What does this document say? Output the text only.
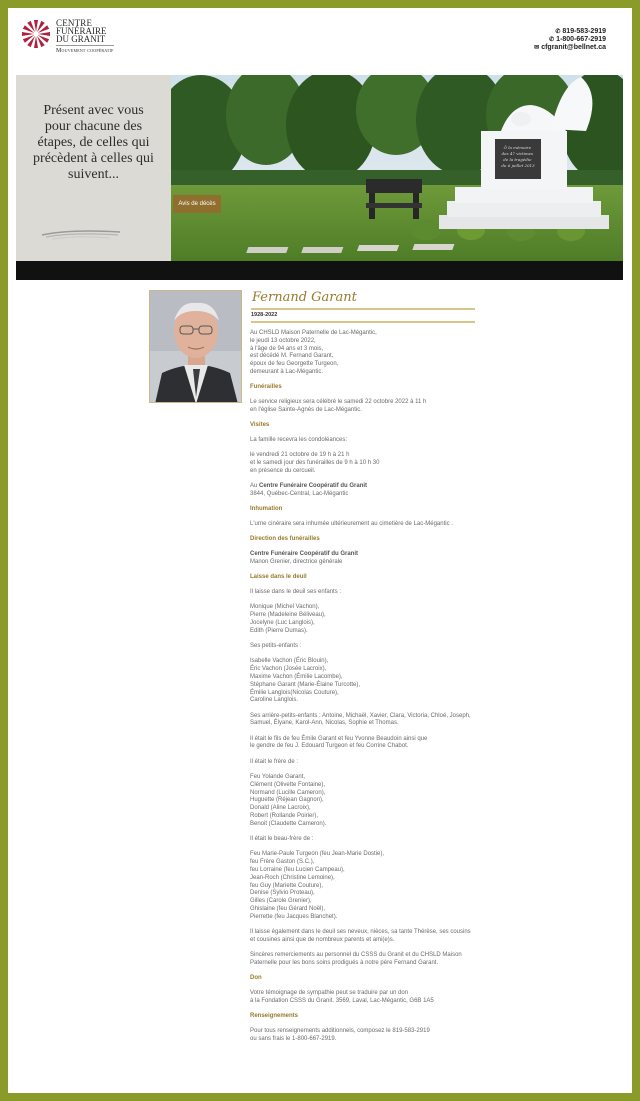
CENTRE
FUNÉRAIRE
DU GRANIT
Mouvement coopératif
✆ 819-583-2919
✆ 1-800-667-2919
✉ cfgranit@bellnet.ca
Présent avec vous pour chacune des étapes, de celles qui précèdent à celles qui suivent...
Ô la mémoire des 47 victimes de la tragédie du 6 juillet 2013
Avis de décès
Fernand Garant
1928-2022

Au CHSLD Maison Paternelle de Lac-Mégantic,
le jeudi 13 octobre 2022,
à l'âge de 94 ans et 3 mois,
est décédé M. Fernand Garant,
époux de feu Georgette Turgeon,
demeurant à Lac-Mégantic.

Funérailles

Le service religieux sera célébré le samedi 22 octobre 2022 à 11 h
en l'église Sainte-Agnès de Lac-Mégantic.

Visites

La famille recevra les condoléances:

le vendredi 21 octobre de 19 h à 21 h
et le samedi jour des funérailles de 9 h à 10 h 30
en présence du cercueil.

Au Centre Funéraire Coopératif du Granit
3844, Québec-Central, Lac-Mégantic

Inhumation

L'urne cinéraire sera inhumée ultérieurement au cimetière de Lac-Mégantic .

Direction des funérailles

Centre Funéraire Coopératif du Granit
Manon Grenier, directrice générale

Laisse dans le deuil

Il laisse dans le deuil ses enfants :

Monique (Michel Vachon),
Pierre (Madeleine Béliveau),
Jocelyne (Luc Langlois),
Edith (Pierre Dumas).

Ses petits-enfants :

Isabelle Vachon (Éric Blouin),
Éric Vachon (Josée Lacroix),
Maxime Vachon (Émilie Lacombe),
Stéphane Garant (Marie-Élaine Turcotte),
Émilie Langlois(Nicolas Couture),
Caroline Langlois.

Ses arrière-petits-enfants : Antoine, Michaël, Xavier, Clara, Victoria, Chloé, Joseph,
Samuel, Élyane, Karol-Ann, Nicolas, Sophie et Thomas.

Il était le fils de feu Émile Garant et feu Yvonne Beaudoin ainsi que
le gendre de feu J. Edouard Turgeon et feu Corrine Chabot.

Il était le frère de :

Feu Yolande Garant,
Clément (Olivette Fontaine),
Normand (Lucille Cameron),
Huguette (Réjean Gagnon),
Donald (Aline Lacroix),
Robert (Rollande Poirier),
Benoit (Claudette Cameron).

Il était le beau-frère de :

Feu Marie-Paule Turgeon (feu Jean-Marie Dostie),
feu Frère Gaston (S.C.),
feu Lorraine (feu Lucien Campeau),
Jean-Roch (Christine Lemoine),
feu Guy (Mariette Couture),
Denise (Sylvio Proteau),
Gilles (Carole Grenier),
Ghislaine (feu Gérard Noël),
Pierrette (feu Jacques Blanchet).

Il laisse également dans le deuil ses neveux, nièces, sa tante Thérèse, ses cousins
et cousines ainsi que de nombreux parents et ami(e)s.

Sincères remerciements au personnel du CSSS du Granit et du CHSLD Maison
Paternelle pour les bons soins prodigués à notre père Fernand Garant.

Don

Votre témoignage de sympathie peut se traduire par un don
à la Fondation CSSS du Granit. 3569, Laval, Lac-Mégantic, G6B 1A5

Renseignements

Pour tous renseignements additionnels, composez le 819-583-2919
ou sans frais le 1-800-667-2919.
